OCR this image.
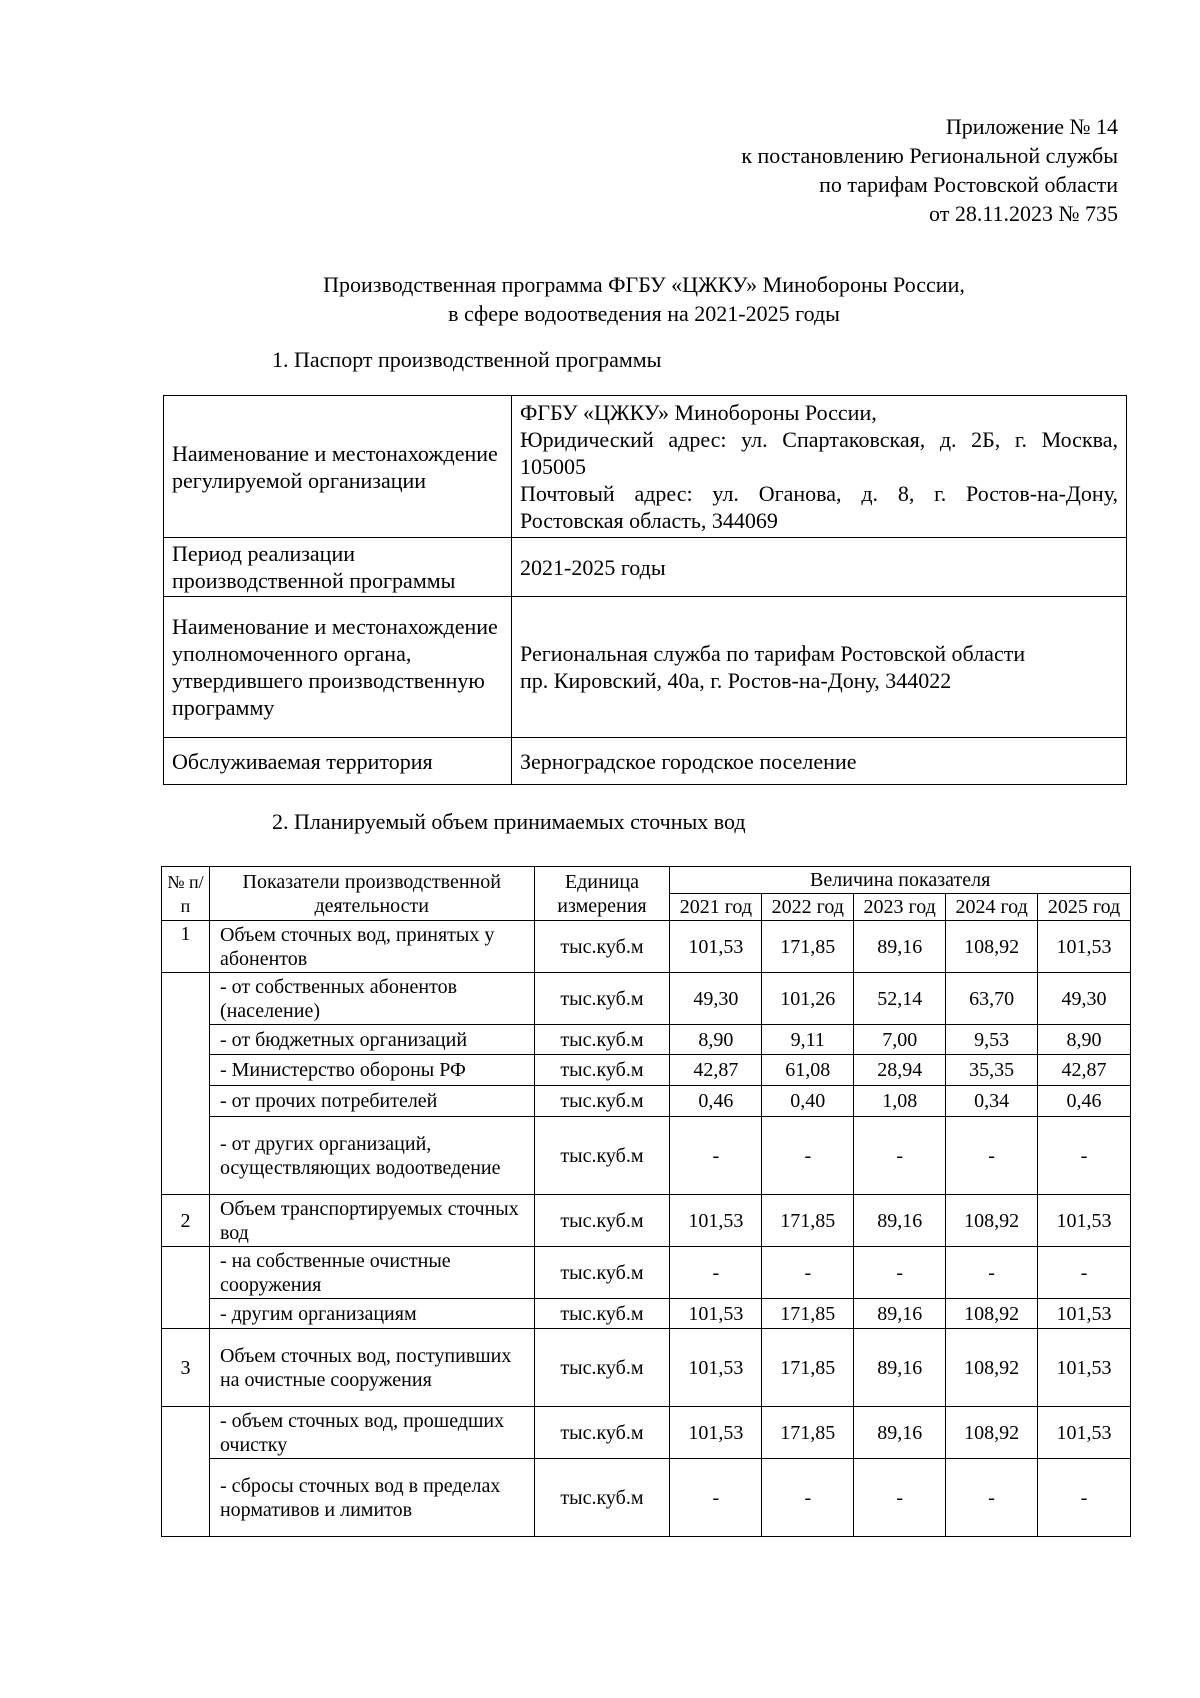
Приложение № 14
к постановлению Региональной службы
по тарифам Ростовской области
от 28.11.2023 № 735
Производственная программа ФГБУ «ЦЖКУ» Минобороны России,
в сфере водоотведения на 2021-2025 годы
1. Паспорт производственной программы
Наименование и местонахождение регулируемой организации	ФГБУ «ЦЖКУ» Минобороны России,
Юридический адрес: ул. Спартаковская, д. 2Б, г. Москва, 105005
Почтовый адрес: ул. Оганова, д. 8, г. Ростов-на-Дону, Ростовская область, 344069

Период реализации производственной программы	2021-2025 годы

Наименование и местонахождение уполномоченного органа, утвердившего производственную программу	Региональная служба по тарифам Ростовской области
пр. Кировский, 40а, г. Ростов-на-Дону, 344022

Обслуживаемая территория	Зерноградское городское поселение
2. Планируемый объем принимаемых сточных вод
№ п/п	Показатели производственной деятельности	Единица измерения	Величина показателя				
			2021 год	2022 год	2023 год	2024 год	2025 год
1	Объем сточных вод, принятых у абонентов	тыс.куб.м	101,53	171,85	89,16	108,92	101,53
	- от собственных абонентов (население)	тыс.куб.м	49,30	101,26	52,14	63,70	49,30
	- от бюджетных организаций	тыс.куб.м	8,90	9,11	7,00	9,53	8,90
	- Министерство обороны РФ	тыс.куб.м	42,87	61,08	28,94	35,35	42,87
	- от прочих потребителей	тыс.куб.м	0,46	0,40	1,08	0,34	0,46
	- от других организаций, осуществляющих водоотведение	тыс.куб.м	-	-	-	-	-
2	Объем транспортируемых сточных вод	тыс.куб.м	101,53	171,85	89,16	108,92	101,53
	- на собственные очистные сооружения	тыс.куб.м	-	-	-	-	-
	- другим организациям	тыс.куб.м	101,53	171,85	89,16	108,92	101,53
3	Объем сточных вод, поступивших на очистные сооружения	тыс.куб.м	101,53	171,85	89,16	108,92	101,53
	- объем сточных вод, прошедших очистку	тыс.куб.м	101,53	171,85	89,16	108,92	101,53
	- сбросы сточных вод в пределах нормативов и лимитов	тыс.куб.м	-	-	-	-	-
